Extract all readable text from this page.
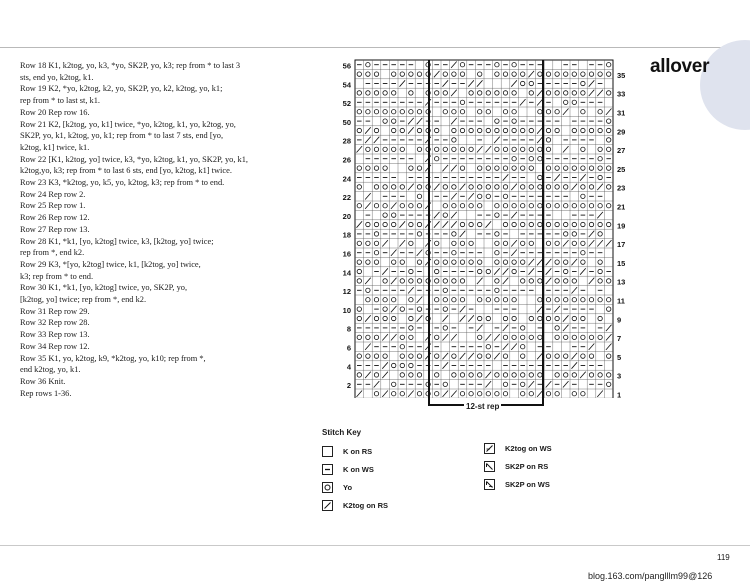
allover
Row 18 K1, k2tog, yo, k3, *yo, SK2P, yo, k3; rep from * to last 3
sts, end yo, k2tog, k1.
Row 19 K2, *yo, k2tog, k2, yo, SK2P, yo, k2, k2tog, yo, k1;
rep from * to last st, k1.
Row 20 Rep row 16.
Row 21 K2, [k2tog, yo, k1] twice, *yo, k2tog, k1, yo, k2tog, yo,
SK2P, yo, k1, k2tog, yo, k1; rep from * to last 7 sts, end [yo,
k2tog, k1] twice, k1.
Row 22 [K1, k2tog, yo] twice, k3, *yo, k2tog, k1, yo, SK2P, yo, k1,
k2tog,yo, k3; rep from * to last 6 sts, end [yo, k2tog, k1] twice.
Row 23 K3, *k2tog, yo, k5, yo, k2tog, k3; rep from * to end.
Row 24 Rep row 2.
Row 25 Rep row 1.
Row 26 Rep row 12.
Row 27 Rep row 13.
Row 28 K1, *k1, [yo, k2tog] twice, k3, [k2tog, yo] twice;
rep from *, end k2.
Row 29 K3, *[yo, k2tog] twice, k1, [k2tog, yo] twice,
k3; rep from * to end.
Row 30 K1, *k1, [yo, k2tog] twice, yo, SK2P, yo,
[k2tog, yo] twice; rep from *, end k2.
Row 31 Rep row 29.
Row 32 Rep row 28.
Row 33 Rep row 13.
Row 34 Rep row 12.
Row 35 K1, yo, k2tog, k9, *k2tog, yo, k10; rep from *,
end k2tog, yo, k1.
Row 36 Knit.
Rep rows 1-36.
56
54
52
50
28
26
24
22
20
18
16
14
12
10
8
6
4
2
35
33
31
29
27
25
23
21
19
17
15
13
11
9
7
5
3
1
12-st rep
Stitch Key
K on RS
K on WS
Yo
K2tog on RS
K2tog on WS
SK2P on RS
SK2P on WS
119
blog.163.com/panglllm99@126
